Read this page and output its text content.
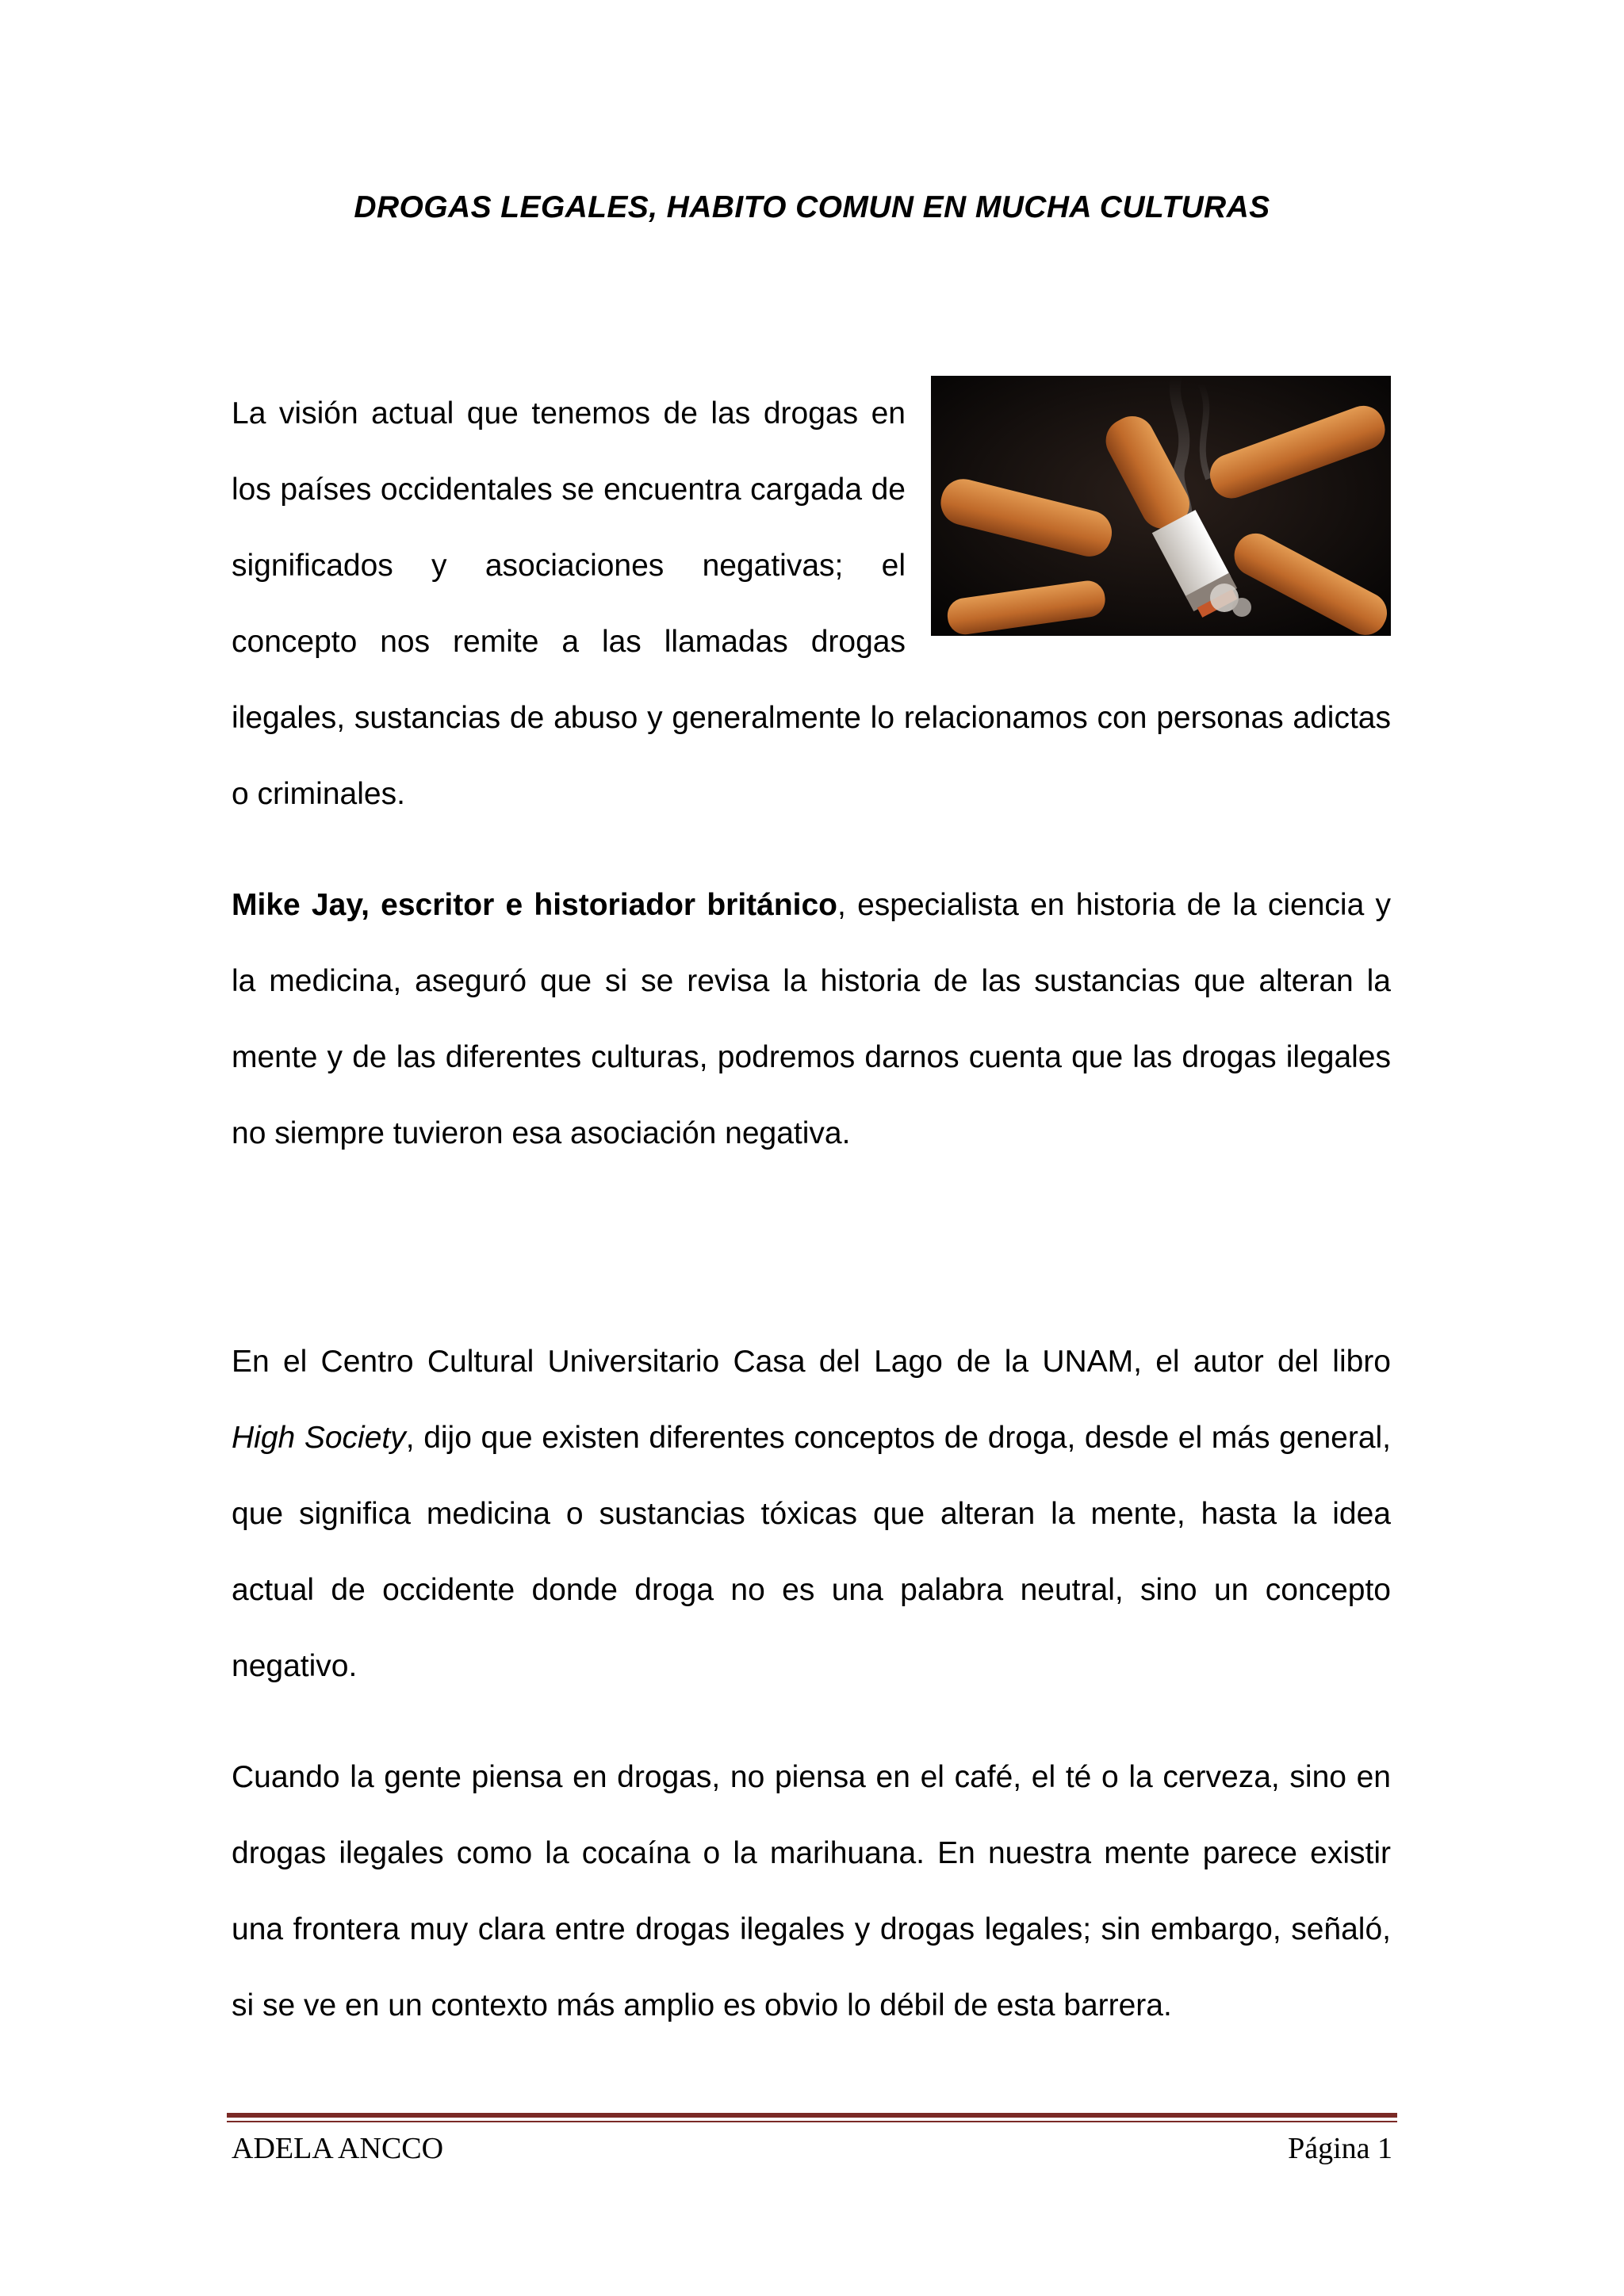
DROGAS LEGALES, HABITO COMUN EN MUCHA CULTURAS

La visión actual que tenemos de las drogas en los países occidentales se encuentra cargada de significados y asociaciones negativas; el concepto nos remite a las llamadas drogas ilegales, sustancias de abuso y generalmente lo relacionamos con personas adictas o criminales.

Mike Jay, escritor e historiador británico, especialista en historia de la ciencia y la medicina, aseguró que si se revisa la historia de las sustancias que alteran la mente y de las diferentes culturas, podremos darnos cuenta que las drogas ilegales no siempre tuvieron esa asociación negativa.

En el Centro Cultural Universitario Casa del Lago de la UNAM, el autor del libro High Society, dijo que existen diferentes conceptos de droga, desde el más general, que significa medicina o sustancias tóxicas que alteran la mente, hasta la idea actual de occidente donde droga no es una palabra neutral, sino un concepto negativo.

Cuando la gente piensa en drogas, no piensa en el café, el té o la cerveza, sino en drogas ilegales como la cocaína o la marihuana. En nuestra mente parece existir una frontera muy clara entre drogas ilegales y drogas legales; sin embargo, señaló, si se ve en un contexto más amplio es obvio lo débil de esta barrera.

ADELA ANCCO	Página 1
